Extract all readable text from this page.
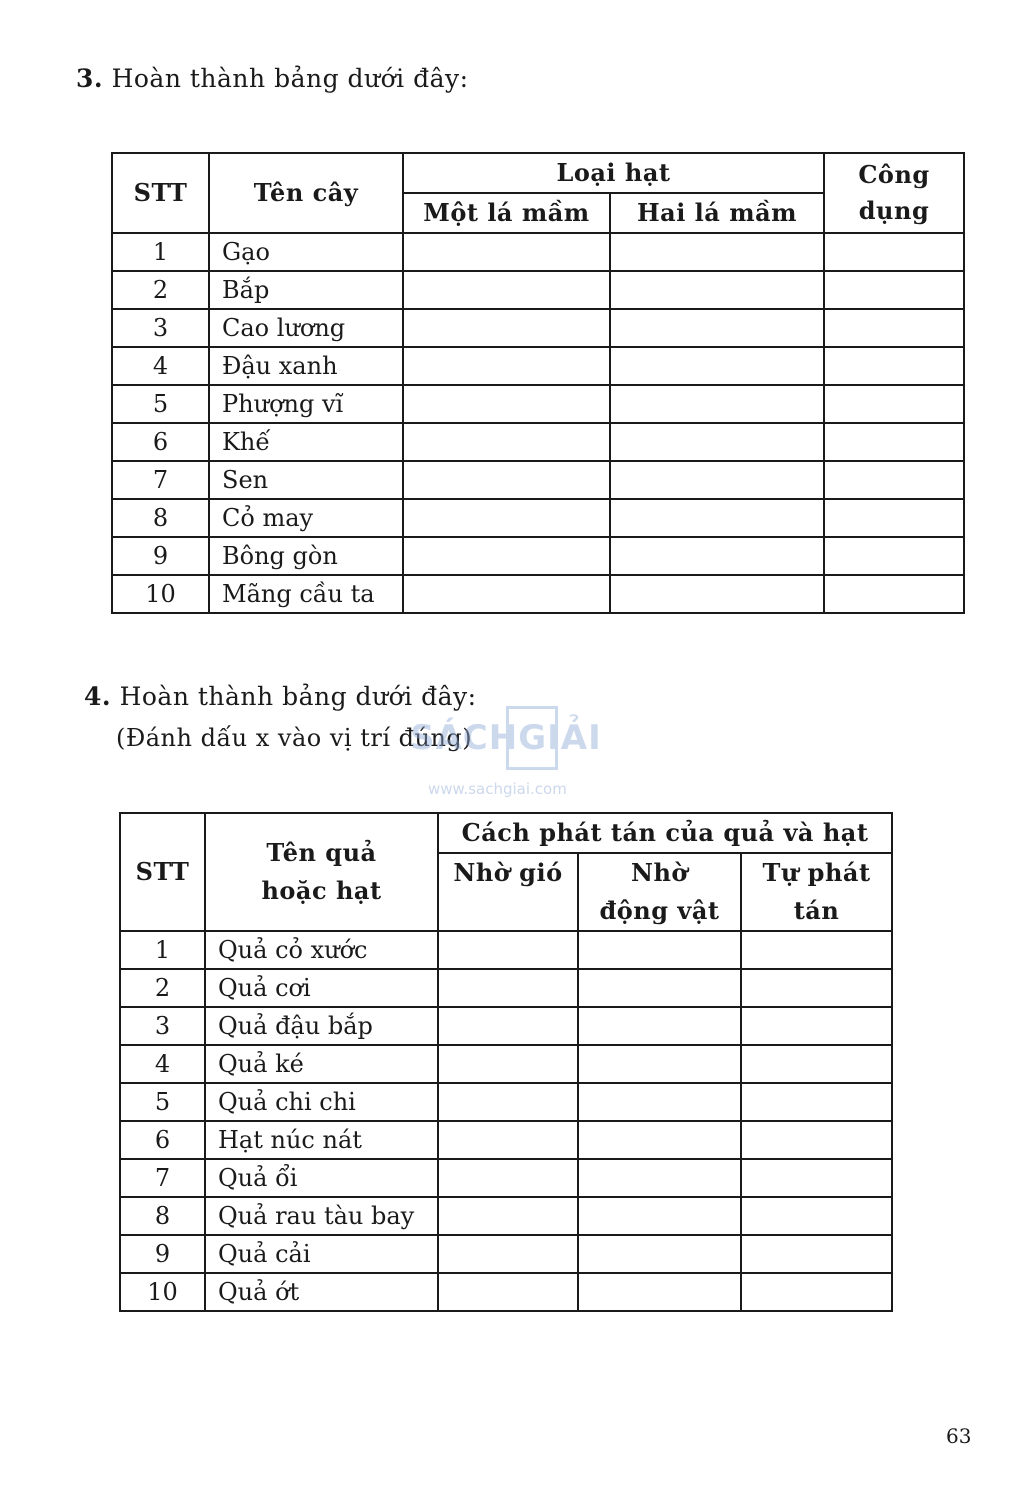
3. Hoàn thành bảng dưới đây:

STT	Tên cây	Loại hạt		Công dụng
		Một lá mầm	Hai lá mầm	
1	Gạo			
2	Bắp			
3	Cao lương			
4	Đậu xanh			
5	Phượng vĩ			
6	Khế			
7	Sen			
8	Cỏ may			
9	Bông gòn			
10	Mãng cầu ta			

4. Hoàn thành bảng dưới đây:

(Đánh dấu x vào vị trí đúng)

SÁCHGIẢI
www.sachgiai.com
STT	Tên quả hoặc hạt	Cách phát tán của quả và hạt		
		Nhờ gió	Nhờ động vật	Tự phát tán
1	Quả cỏ xước			
2	Quả cơi			
3	Quả đậu bắp			
4	Quả ké			
5	Quả chi chi			
6	Hạt núc nát			
7	Quả ổi			
8	Quả rau tàu bay			
9	Quả cải			
10	Quả ớt			

63
